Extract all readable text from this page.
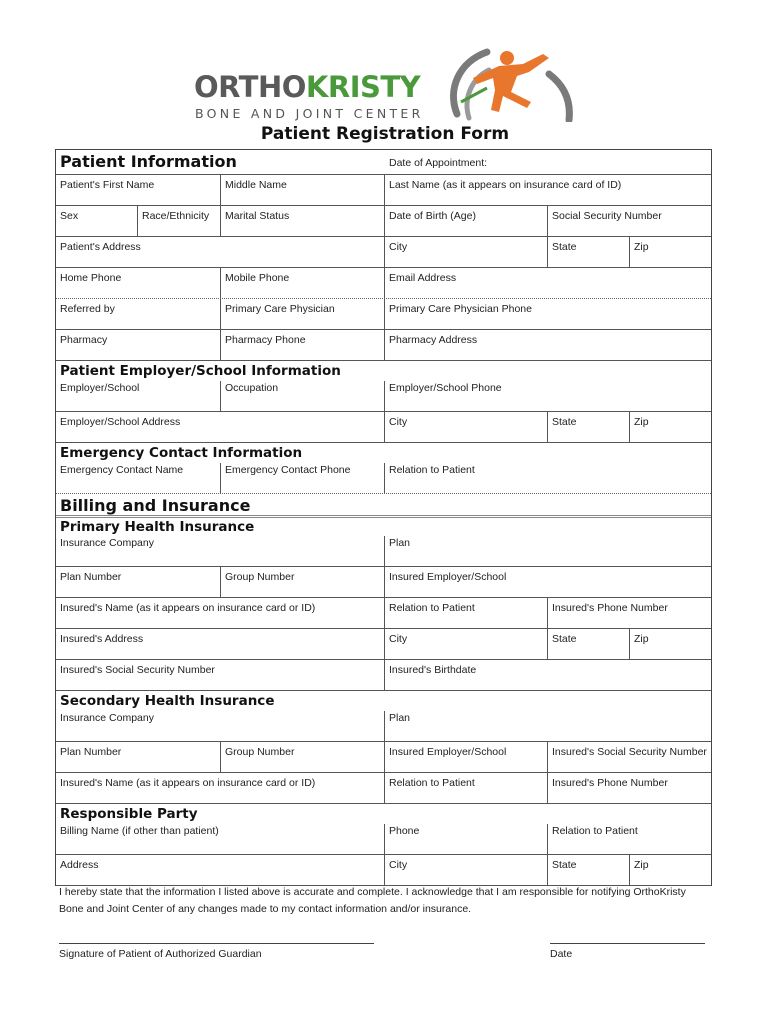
ORTHOKRISTY
BONE AND JOINT CENTER
Patient Registration Form
Patient Information	Date of Appointment:
Patient's First Name	Middle Name	Last Name (as it appears on insurance card of ID)
Sex	Race/Ethnicity	Marital Status	Date of Birth (Age)	Social Security Number
Patient's Address	City	State	Zip
Home Phone	Mobile Phone	Email Address
Referred by	Primary Care Physician	Primary Care Physician Phone
Pharmacy	Pharmacy Phone	Pharmacy Address
Patient Employer/School Information
Employer/School	Occupation	Employer/School Phone
Employer/School Address	City	State	Zip
Emergency Contact Information
Emergency Contact Name	Emergency Contact Phone	Relation to Patient
Billing and Insurance
Primary Health Insurance
Insurance Company	Plan
Plan Number	Group Number	Insured Employer/School
Insured's Name (as it appears on insurance card or ID)	Relation to Patient	Insured's Phone Number
Insured's Address	City	State	Zip
Insured's Social Security Number	Insured's Birthdate
Secondary Health Insurance
Insurance Company	Plan
Plan Number	Group Number	Insured Employer/School	Insured's Social Security Number
Insured's Name (as it appears on insurance card or ID)	Relation to Patient	Insured's Phone Number
Responsible Party
Billing Name (if other than patient)	Phone	Relation to Patient
Address	City	State	Zip
I hereby state that the information I listed above is accurate and complete. I acknowledge that I am responsible for notifying OrthoKristy Bone and Joint Center of any changes made to my contact information and/or insurance.
Signature of Patient of Authorized Guardian	Date
